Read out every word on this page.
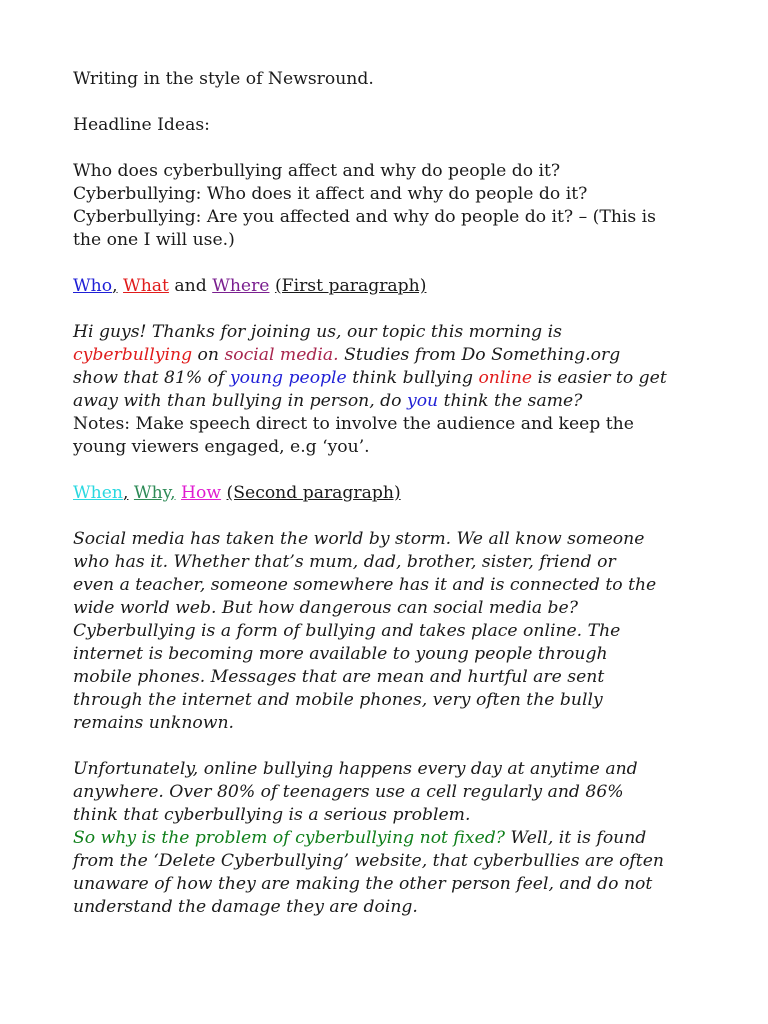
Writing in the style of Newsround.
Headline Ideas:
Who does cyberbullying affect and why do people do it?
Cyberbullying: Who does it affect and why do people do it?
Cyberbullying: Are you affected and why do people do it? – (This is
the one I will use.)
Who, What and Where (First paragraph)
Hi guys! Thanks for joining us, our topic this morning is
cyberbullying on social media. Studies from Do Something.org
show that 81% of young people think bullying online is easier to get
away with than bullying in person, do you think the same?
Notes: Make speech direct to involve the audience and keep the
young viewers engaged, e.g ‘you’.
When, Why, How (Second paragraph)
Social media has taken the world by storm. We all know someone
who has it. Whether that’s mum, dad, brother, sister, friend or
even a teacher, someone somewhere has it and is connected to the
wide world web. But how dangerous can social media be?
Cyberbullying is a form of bullying and takes place online. The
internet is becoming more available to young people through
mobile phones. Messages that are mean and hurtful are sent
through the internet and mobile phones, very often the bully
remains unknown.
Unfortunately, online bullying happens every day at anytime and
anywhere. Over 80% of teenagers use a cell regularly and 86%
think that cyberbullying is a serious problem.
So why is the problem of cyberbullying not fixed? Well, it is found
from the ‘Delete Cyberbullying’ website, that cyberbullies are often
unaware of how they are making the other person feel, and do not
understand the damage they are doing.
